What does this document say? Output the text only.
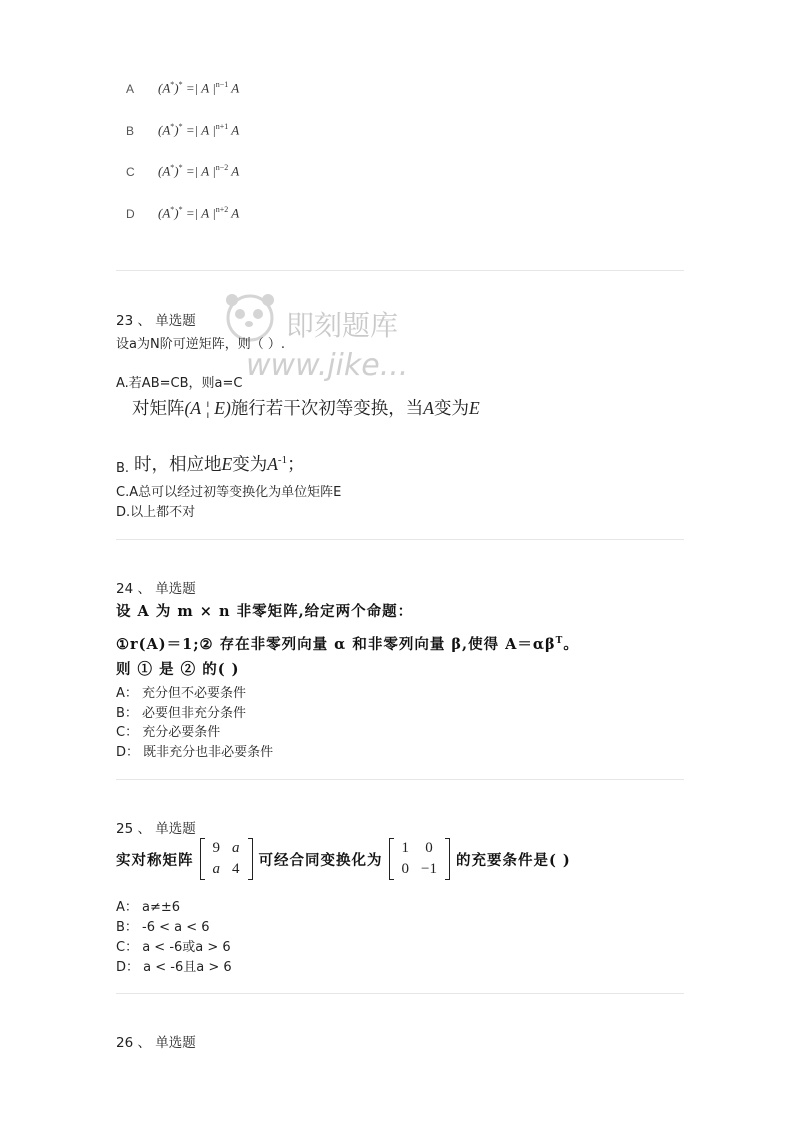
A (A*)* =| A $|^{n-1}$ A
B (A*)* =| A $|^{n+1}$ A
C (A*)* =| A $|^{n-2}$ A
D (A*)* =| A $|^{n+2}$ A
即刻题库
www.jike...
23 、 单选题
设a为N阶可逆矩阵，则（ ）.
A.若AB=CB，则a=C
对矩阵(A ¦ E)施行若干次初等变换，当A变为E
B. 时，相应地E变为$A^{-1}$；
C.A总可以经过初等变换化为单位矩阵E
D.以上都不对
24 、 单选题
设 A 为 m × n 非零矩阵,给定两个命题：
①r(A)＝1;② 存在非零列向量 α 和非零列向量 β,使得 $A=\alpha\beta^T$。
则 ① 是 ② 的( )
A： 充分但不必要条件
B： 必要但非充分条件
C： 充分必要条件
D： 既非充分也非必要条件
25 、 单选题
实对称矩阵
9	a
a	4
可经合同变换化为
1	0
0	−1
的充要条件是( )
A： a≠±6
B： -6 < a < 6
C： a < -6或a > 6
D： a < -6且a > 6
26 、 单选题
